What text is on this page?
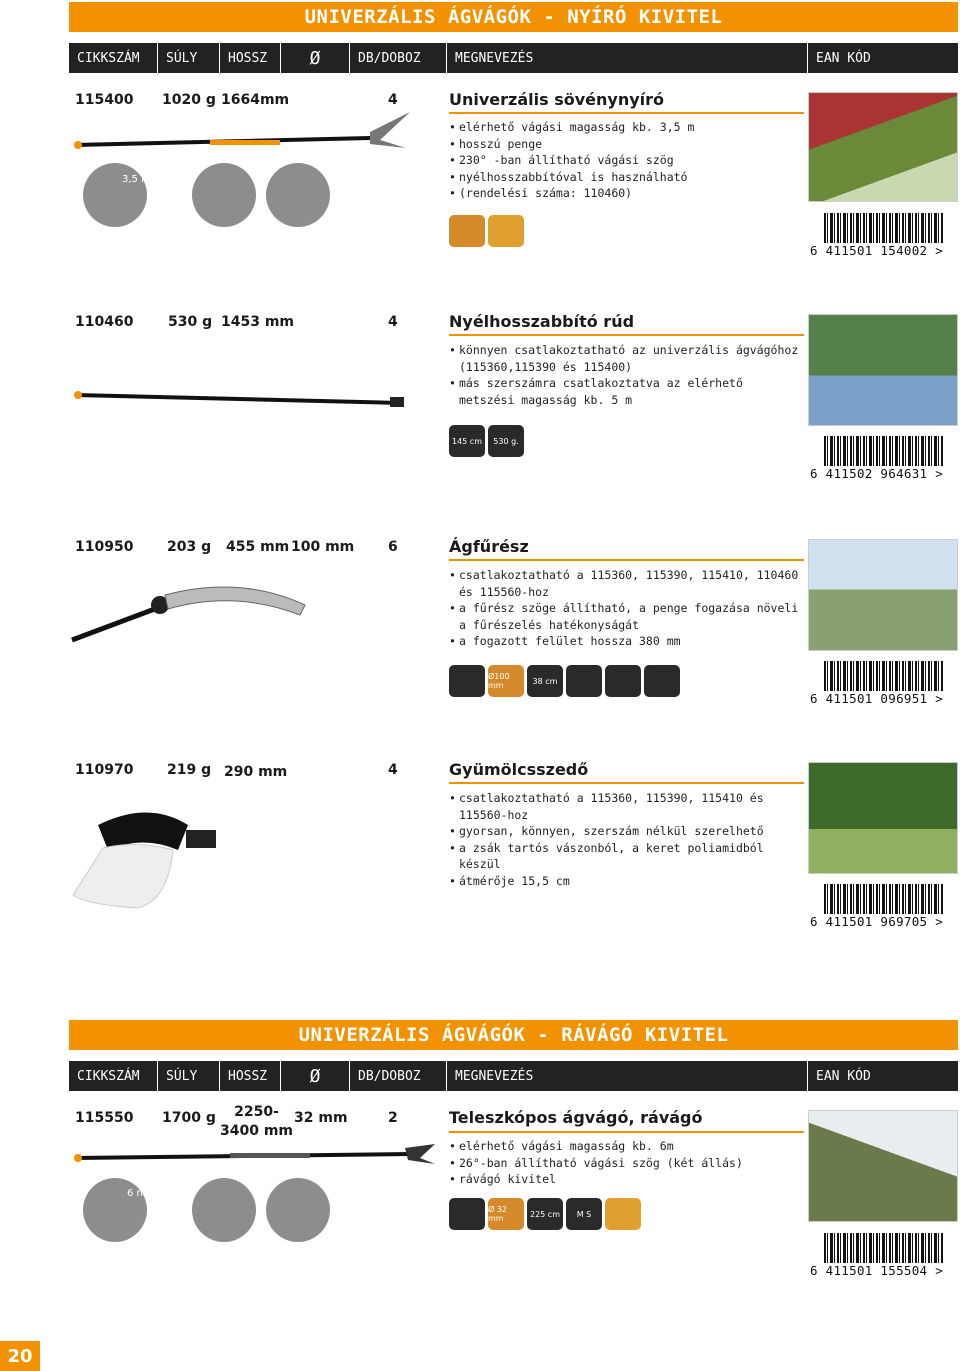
UNIVERZÁLIS ÁGVÁGÓK - NYÍRÓ KIVITEL
CIKKSZÁM	SÚLY	HOSSZ Ø	DB/DOBOZ	MEGNEVEZÉS	EAN KÓD
115400 1020 g 1664mm	4	Univerzális sövénynyíró
• elérhető vágási magasság kb. 3,5 m
• hosszú penge
• 230° -ban állítható vágási szög
• nyélhosszabbítóval is használható
• (rendelési száma: 110460)
3,5 m
6 411501 154002 >
110460 530 g 1453 mm	4	Nyélhosszabbító rúd
• könnyen csatlakoztatható az univerzális ágvágóhoz (115360,115390 és 115400)
• más szerszámra csatlakoztatva az elérhető metszési magasság kb. 5 m
145 cm	530 g.
6 411502 964631 >
110950 203 g 455 mm 100 mm 6	Ágfűrész
• csatlakoztatható a 115360, 115390, 115410, 110460 és 115560-hoz
• a fűrész szöge állítható, a penge fogazása növeli a fűrészelés hatékonyságát
• a fogazott felület hossza 380 mm
Ø100 mm	38 cm
6 411501 096951 >
110970 219 g 290 mm	4	Gyümölcsszedő
• csatlakoztatható a 115360, 115390, 115410 és 115560-hoz
• gyorsan, könnyen, szerszám nélkül szerelhető
• a zsák tartós vászonból, a keret poliamidból készül
• átmérője 15,5 cm
6 411501 969705 >
UNIVERZÁLIS ÁGVÁGÓK - RÁVÁGÓ KIVITEL
CIKKSZÁM	SÚLY	HOSSZ Ø	DB/DOBOZ	MEGNEVEZÉS	EAN KÓD
115550 1700 g	2250-
3400 mm
32 mm	2	Teleszkópos ágvágó, rávágó
• elérhető vágási magasság kb. 6m
• 26°-ban állítható vágási szög (két állás)
• rávágó kivitel
6 m
Ø 32 mm	225 cm	M S
6 411501 155504 >
20
